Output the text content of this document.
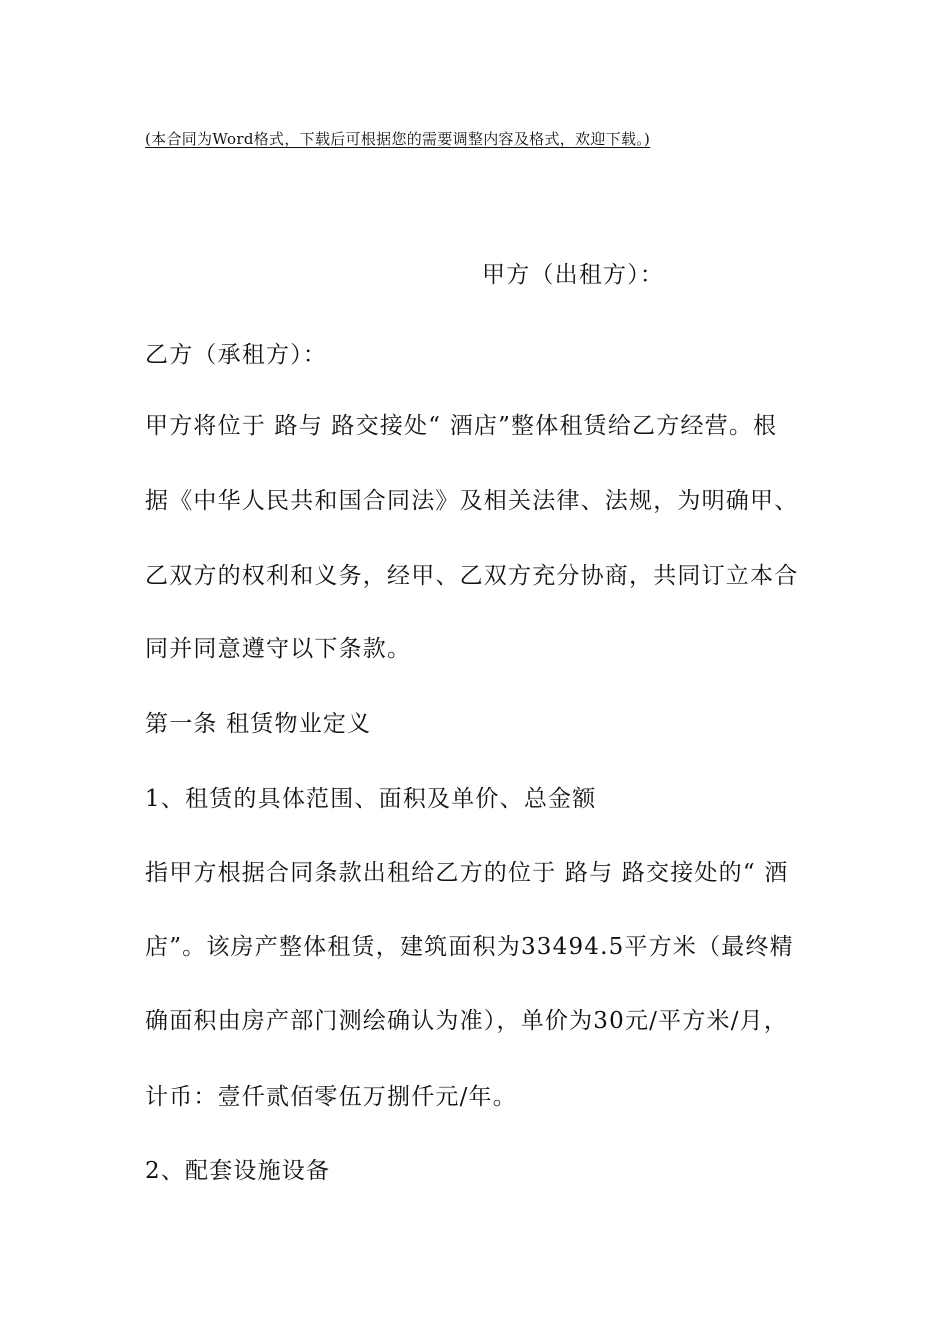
(本合同为Word格式，下载后可根据您的需要调整内容及格式，欢迎下载。)
甲方（出租方）：
乙方（承租方）：
甲方将位于 路与 路交接处“ 酒店”整体租赁给乙方经营。根
据《中华人民共和国合同法》及相关法律、法规，为明确甲、
乙双方的权利和义务，经甲、乙双方充分协商，共同订立本合
同并同意遵守以下条款。
第一条 租赁物业定义
1、租赁的具体范围、面积及单价、总金额
指甲方根据合同条款出租给乙方的位于 路与 路交接处的“ 酒
店”。该房产整体租赁，建筑面积为33494.5平方米（最终精
确面积由房产部门测绘确认为准），单价为30元/平方米/月，
计币：壹仟贰佰零伍万捌仟元/年。
2、配套设施设备
